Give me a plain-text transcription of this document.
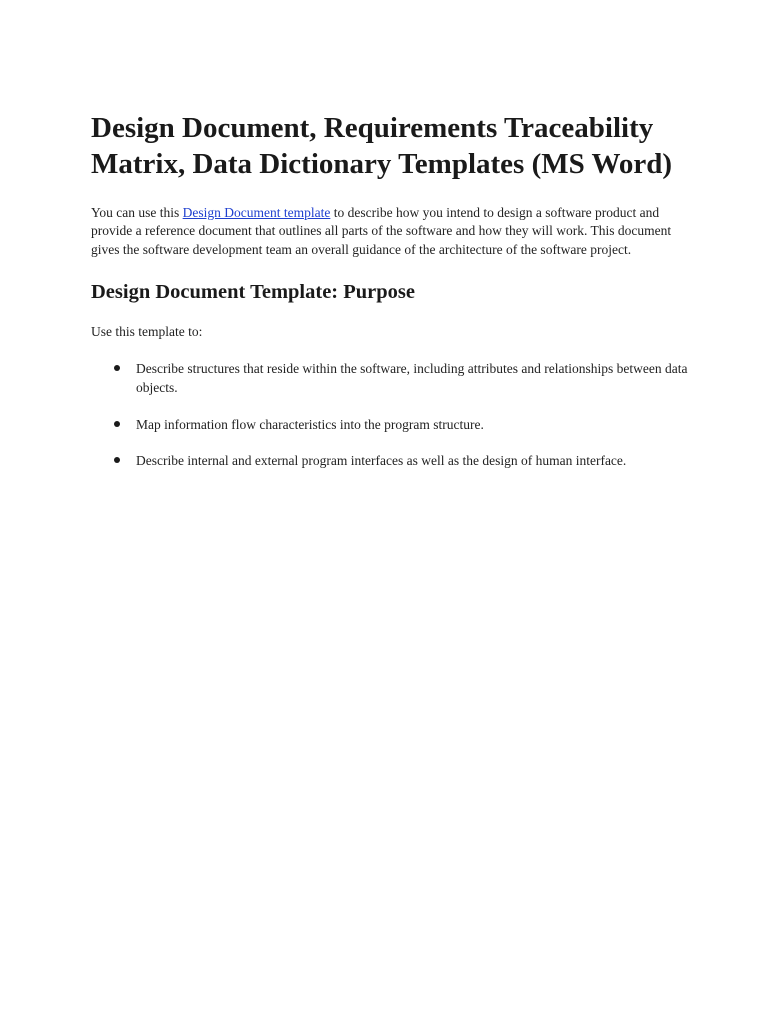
Design Document, Requirements Traceability Matrix, Data Dictionary Templates (MS Word)

You can use this Design Document template to describe how you intend to design a software product and provide a reference document that outlines all parts of the software and how they will work. This document gives the software development team an overall guidance of the architecture of the software project.

Design Document Template: Purpose

Use this template to:

Describe structures that reside within the software, including attributes and relationships between data objects.
Map information flow characteristics into the program structure.
Describe internal and external program interfaces as well as the design of human interface.
